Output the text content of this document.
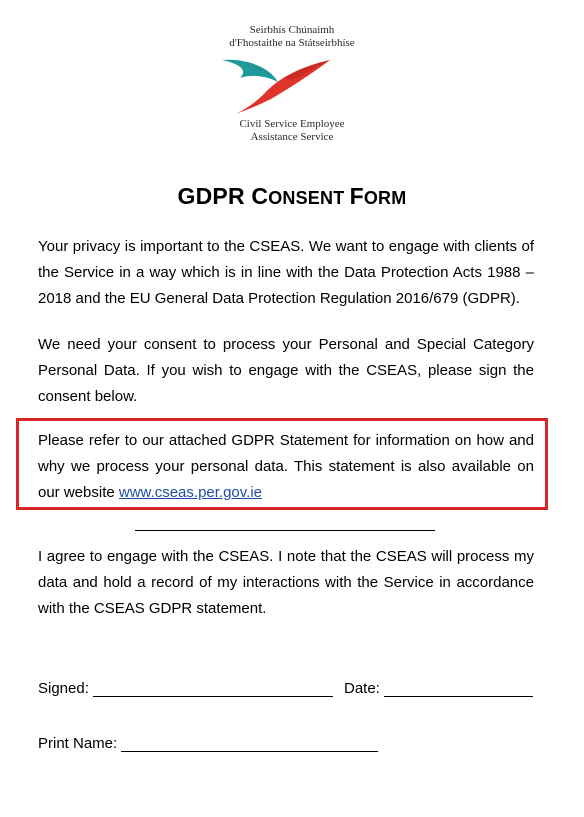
Seirbhís Chúnaimh
d'Fhostaithe na Státseirbhíse
Civil Service Employee
Assistance Service
GDPR CONSENT FORM
Your privacy is important to the CSEAS. We want to engage with clients of the Service in a way which is in line with the Data Protection Acts 1988 – 2018 and the EU General Data Protection Regulation 2016/679 (GDPR).
We need your consent to process your Personal and Special Category Personal Data. If you wish to engage with the CSEAS, please sign the consent below.
Please refer to our attached GDPR Statement for information on how and why we process your personal data. This statement is also available on our website www.cseas.per.gov.ie
I agree to engage with the CSEAS. I note that the CSEAS will process my data and hold a record of my interactions with the Service in accordance with the CSEAS GDPR statement.
Signed:	Date:
Print Name:
